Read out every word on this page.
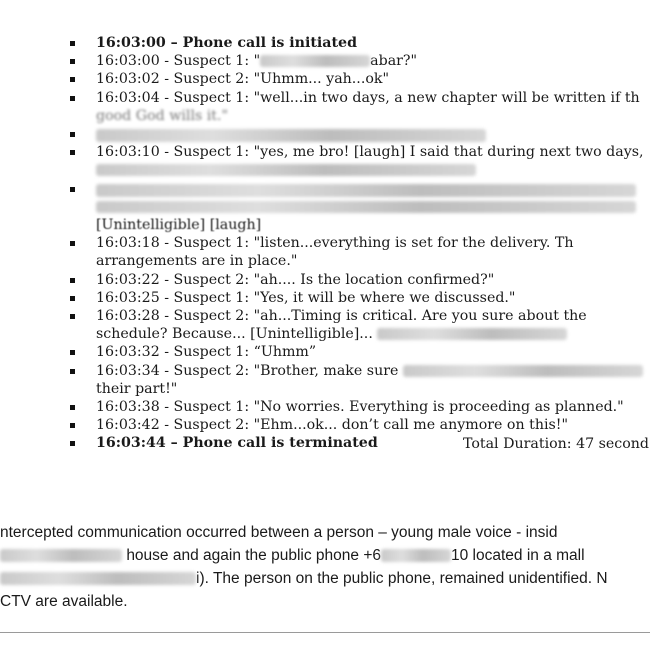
16:03:00 – Phone call is initiated
16:03:00 - Suspect 1: "	abar?"
16:03:02 - Suspect 2: "Uhmm... yah...ok"
16:03:04 - Suspect 1: "well...in two days, a new chapter will be written if th
good God wills it."
16:03:10 - Suspect 1: "yes, me bro! [laugh] I said that during next two days,

[Unintelligible] [laugh]
16:03:18 - Suspect 1: "listen...everything is set for the delivery. Th
arrangements are in place."
16:03:22 - Suspect 2: "ah.... Is the location confirmed?"
16:03:25 - Suspect 1: "Yes, it will be where we discussed."
16:03:28 - Suspect 2: "ah...Timing is critical. Are you sure about the
schedule? Because... [Unintelligible]...
16:03:32 - Suspect 1: “Uhmm”
16:03:34 - Suspect 2: "Brother, make sure
their part!"
16:03:38 - Suspect 1: "No worries. Everything is proceeding as planned."
16:03:42 - Suspect 2: "Ehm...ok... don’t call me anymore on this!"
16:03:44 – Phone call is terminated	Total Duration: 47 second
ntercepted communication occurred between a person – young male voice - insid
house and again the public phone +6	10 located in a mall
i). The person on the public phone, remained unidentified. N
CTV are available.
